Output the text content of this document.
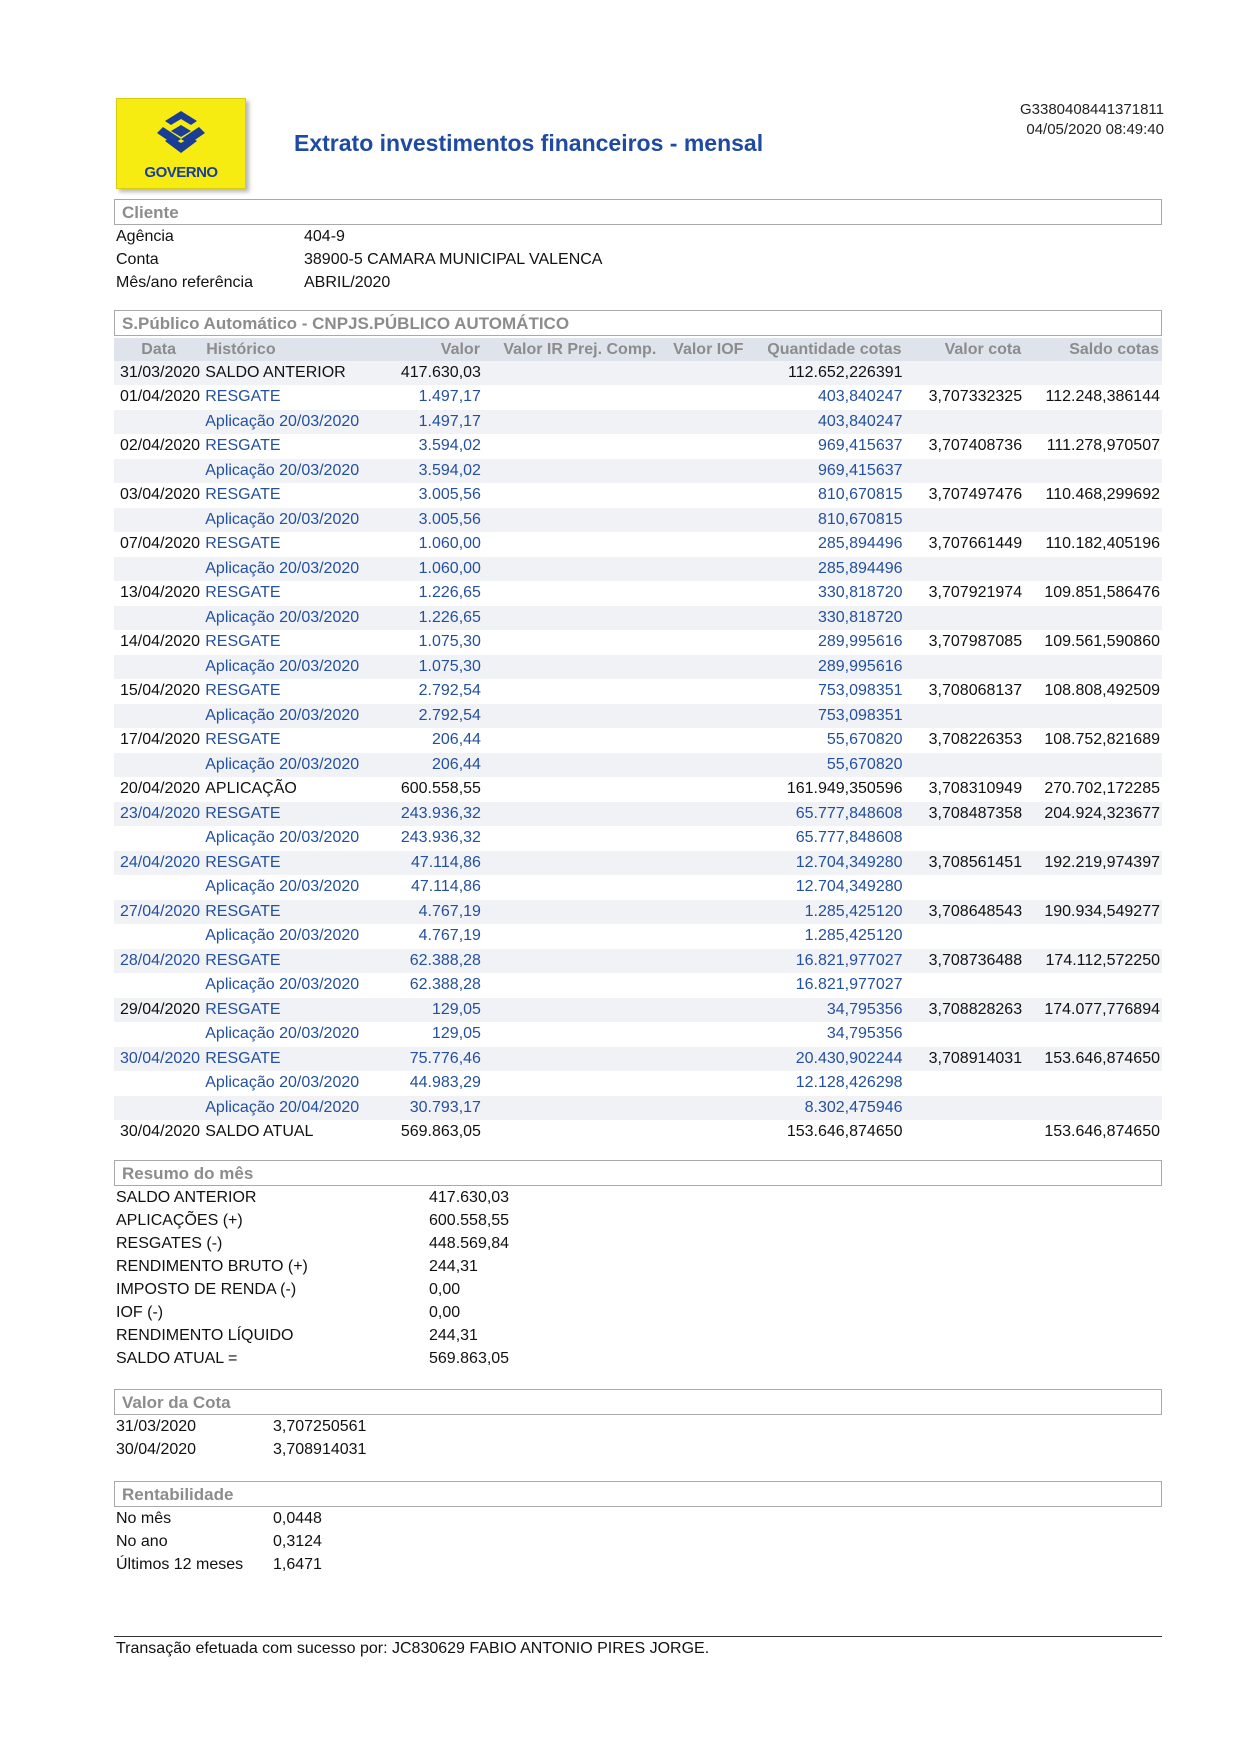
GOVERNO
Extrato investimentos financeiros - mensal
G3380408441371811
04/05/2020 08:49:40
Cliente
Agência	404-9
Conta	38900-5 CAMARA MUNICIPAL VALENCA
Mês/ano referência	ABRIL/2020
S.Público Automático - CNPJS.PÚBLICO AUTOMÁTICO
Data	Histórico	Valor	Valor IR Prej. Comp.	Valor IOF	Quantidade cotas	Valor cota	Saldo cotas
31/03/2020	SALDO ANTERIOR	417.630,03			112.652,226391		
01/04/2020	RESGATE	1.497,17			403,840247	3,707332325	112.248,386144
	Aplicação 20/03/2020	1.497,17			403,840247		
02/04/2020	RESGATE	3.594,02			969,415637	3,707408736	111.278,970507
	Aplicação 20/03/2020	3.594,02			969,415637		
03/04/2020	RESGATE	3.005,56			810,670815	3,707497476	110.468,299692
	Aplicação 20/03/2020	3.005,56			810,670815		
07/04/2020	RESGATE	1.060,00			285,894496	3,707661449	110.182,405196
	Aplicação 20/03/2020	1.060,00			285,894496		
13/04/2020	RESGATE	1.226,65			330,818720	3,707921974	109.851,586476
	Aplicação 20/03/2020	1.226,65			330,818720		
14/04/2020	RESGATE	1.075,30			289,995616	3,707987085	109.561,590860
	Aplicação 20/03/2020	1.075,30			289,995616		
15/04/2020	RESGATE	2.792,54			753,098351	3,708068137	108.808,492509
	Aplicação 20/03/2020	2.792,54			753,098351		
17/04/2020	RESGATE	206,44			55,670820	3,708226353	108.752,821689
	Aplicação 20/03/2020	206,44			55,670820		
20/04/2020	APLICAÇÃO	600.558,55			161.949,350596	3,708310949	270.702,172285
23/04/2020	RESGATE	243.936,32			65.777,848608	3,708487358	204.924,323677
	Aplicação 20/03/2020	243.936,32			65.777,848608		
24/04/2020	RESGATE	47.114,86			12.704,349280	3,708561451	192.219,974397
	Aplicação 20/03/2020	47.114,86			12.704,349280		
27/04/2020	RESGATE	4.767,19			1.285,425120	3,708648543	190.934,549277
	Aplicação 20/03/2020	4.767,19			1.285,425120		
28/04/2020	RESGATE	62.388,28			16.821,977027	3,708736488	174.112,572250
	Aplicação 20/03/2020	62.388,28			16.821,977027		
29/04/2020	RESGATE	129,05			34,795356	3,708828263	174.077,776894
	Aplicação 20/03/2020	129,05			34,795356		
30/04/2020	RESGATE	75.776,46			20.430,902244	3,708914031	153.646,874650
	Aplicação 20/03/2020	44.983,29			12.128,426298		
	Aplicação 20/04/2020	30.793,17			8.302,475946		
30/04/2020	SALDO ATUAL	569.863,05			153.646,874650		153.646,874650
Resumo do mês
SALDO ANTERIOR	417.630,03
APLICAÇÕES (+)	600.558,55
RESGATES (-)	448.569,84
RENDIMENTO BRUTO (+)	244,31
IMPOSTO DE RENDA (-)	0,00
IOF (-)	0,00
RENDIMENTO LÍQUIDO	244,31
SALDO ATUAL =	569.863,05
Valor da Cota
31/03/2020	3,707250561
30/04/2020	3,708914031
Rentabilidade
No mês	0,0448
No ano	0,3124
Últimos 12 meses 1,6471
Transação efetuada com sucesso por: JC830629 FABIO ANTONIO PIRES JORGE.
